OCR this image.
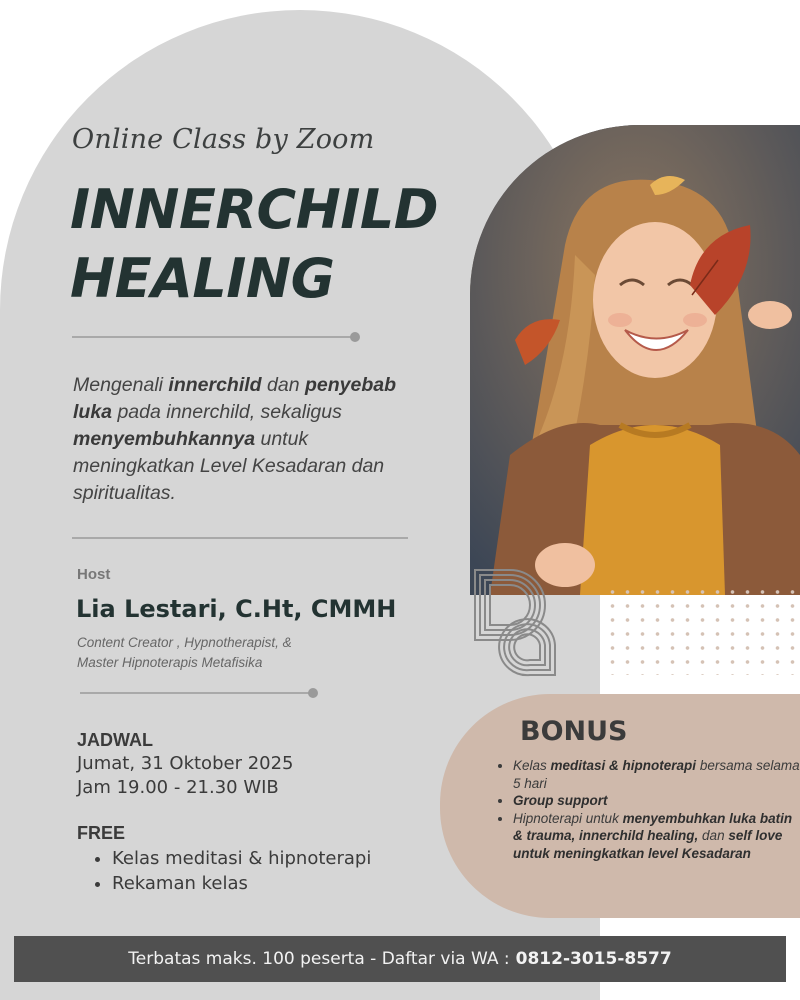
Online Class by Zoom
INNERCHILD
HEALING
Mengenali innerchild dan penyebab luka pada innerchild, sekaligus menyembuhkannya untuk meningkatkan Level Kesadaran dan spiritualitas.
Host
Lia Lestari, C.Ht, CMMH
Content Creator , Hypnotherapist, &
Master Hipnoterapis Metafisika
JADWAL
Jumat, 31 Oktober 2025
Jam 19.00 - 21.30 WIB
FREE
• Kelas meditasi & hipnoterapi
• Rekaman kelas
BONUS
• Kelas meditasi & hipnoterapi bersama selama 5 hari
• Group support
• Hipnoterapi untuk menyembuhkan luka batin & trauma, innerchild healing, dan self love untuk meningkatkan level Kesadaran
Terbatas maks. 100 peserta - Daftar via WA : 0812-3015-8577
